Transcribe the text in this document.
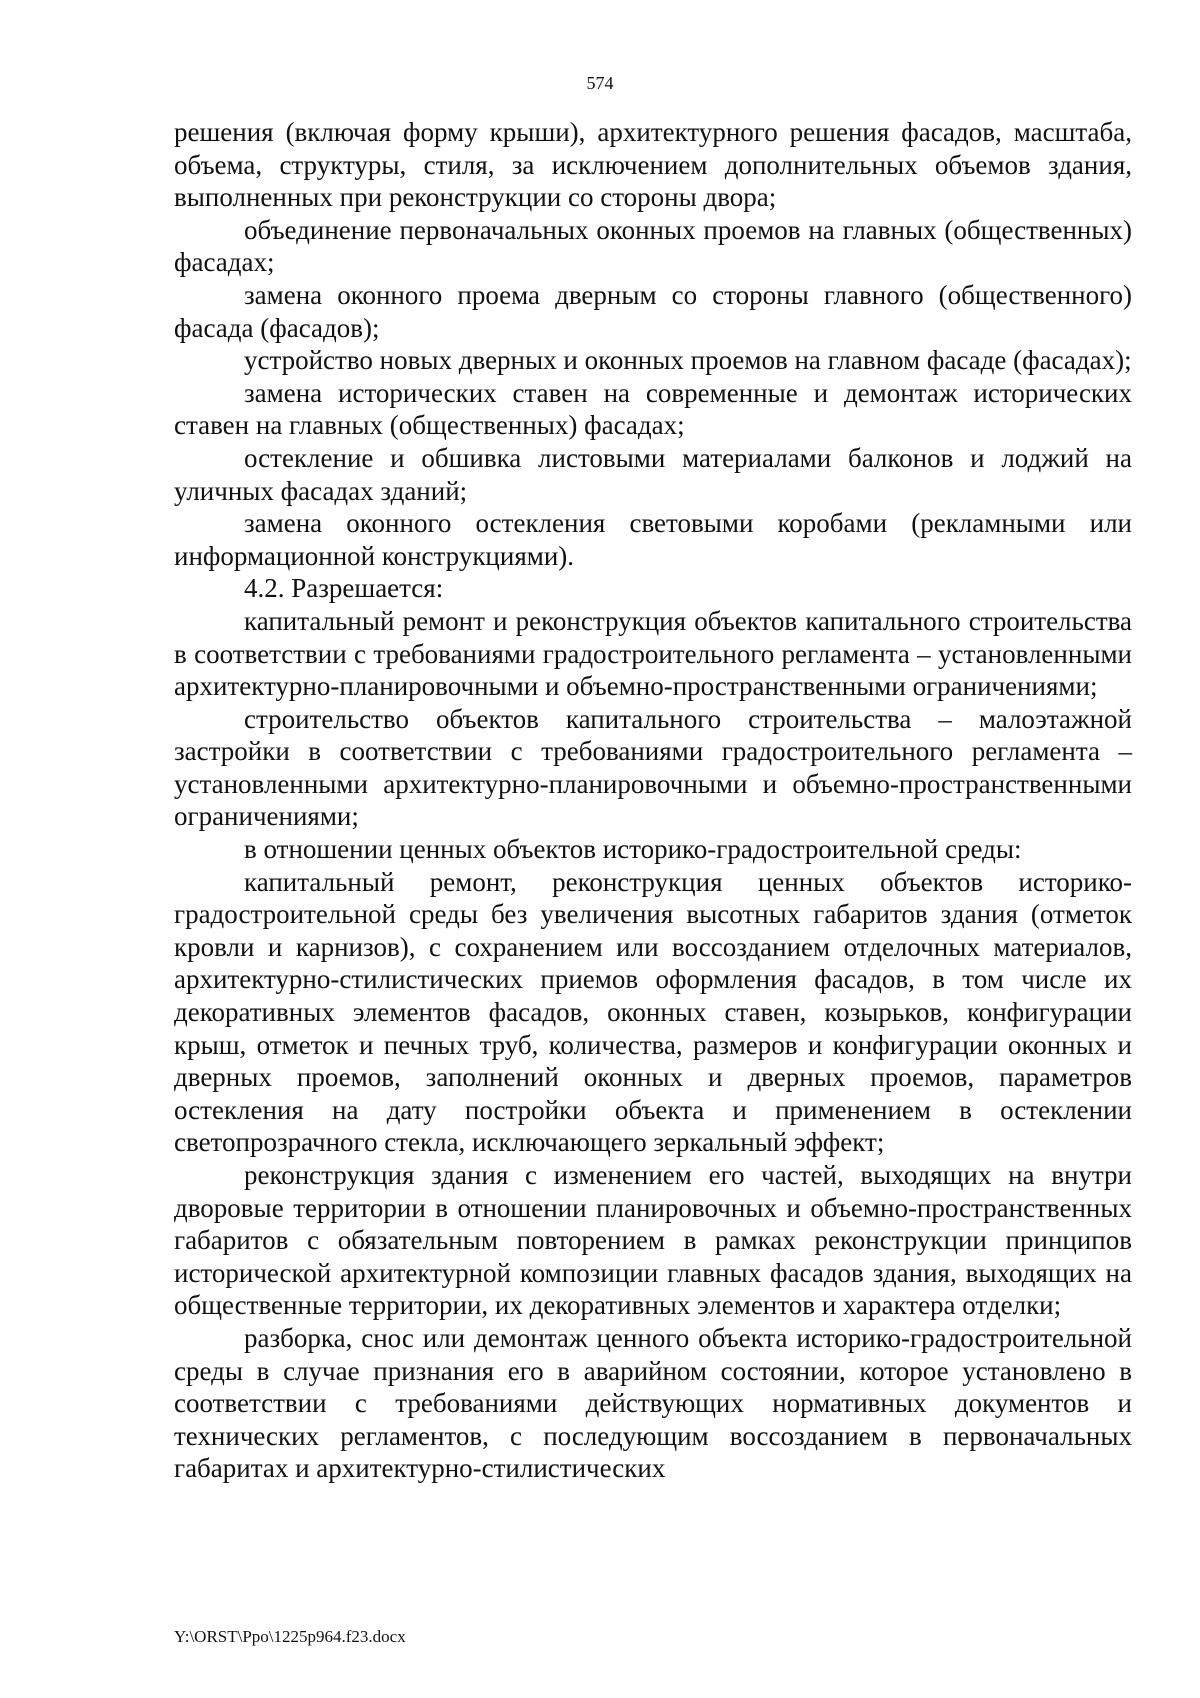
574

решения (включая форму крыши), архитектурного решения фасадов, масштаба, объема, структуры, стиля, за исключением дополнительных объемов здания, выполненных при реконструкции со стороны двора;

объединение первоначальных оконных проемов на главных (общественных) фасадах;

замена оконного проема дверным со стороны главного (общественного) фасада (фасадов);

устройство новых дверных и оконных проемов на главном фасаде (фасадах);

замена исторических ставен на современные и демонтаж исторических ставен на главных (общественных) фасадах;

остекление и обшивка листовыми материалами балконов и лоджий на уличных фасадах зданий;

замена оконного остекления световыми коробами (рекламными или информационной конструкциями).

4.2. Разрешается:

капитальный ремонт и реконструкция объектов капитального строительства в соответствии с требованиями градостроительного регламента – установленными архитектурно-планировочными и объемно-пространственными ограничениями;

строительство объектов капитального строительства – малоэтажной застройки в соответствии с требованиями градостроительного регламента – установленными архитектурно-планировочными и объемно-пространственными ограничениями;

в отношении ценных объектов историко-градостроительной среды:

капитальный ремонт, реконструкция ценных объектов историко-градостроительной среды без увеличения высотных габаритов здания (отметок кровли и карнизов), с сохранением или воссозданием отделочных материалов, архитектурно-стилистических приемов оформления фасадов, в том числе их декоративных элементов фасадов, оконных ставен, козырьков, конфигурации крыш, отметок и печных труб, количества, размеров и конфигурации оконных и дверных проемов, заполнений оконных и дверных проемов, параметров остекления на дату постройки объекта и применением в остеклении светопрозрачного стекла, исключающего зеркальный эффект;

реконструкция здания с изменением его частей, выходящих на внутри дворовые территории в отношении планировочных и объемно-пространственных габаритов с обязательным повторением в рамках реконструкции принципов исторической архитектурной композиции главных фасадов здания, выходящих на общественные территории, их декоративных элементов и характера отделки;

разборка, снос или демонтаж ценного объекта историко-градостроительной среды в случае признания его в аварийном состоянии, которое установлено в соответствии с требованиями действующих нормативных документов и технических регламентов, с последующим воссозданием в первоначальных габаритах и архитектурно-стилистических

Y:\ORST\Ppo\1225p964.f23.docx
